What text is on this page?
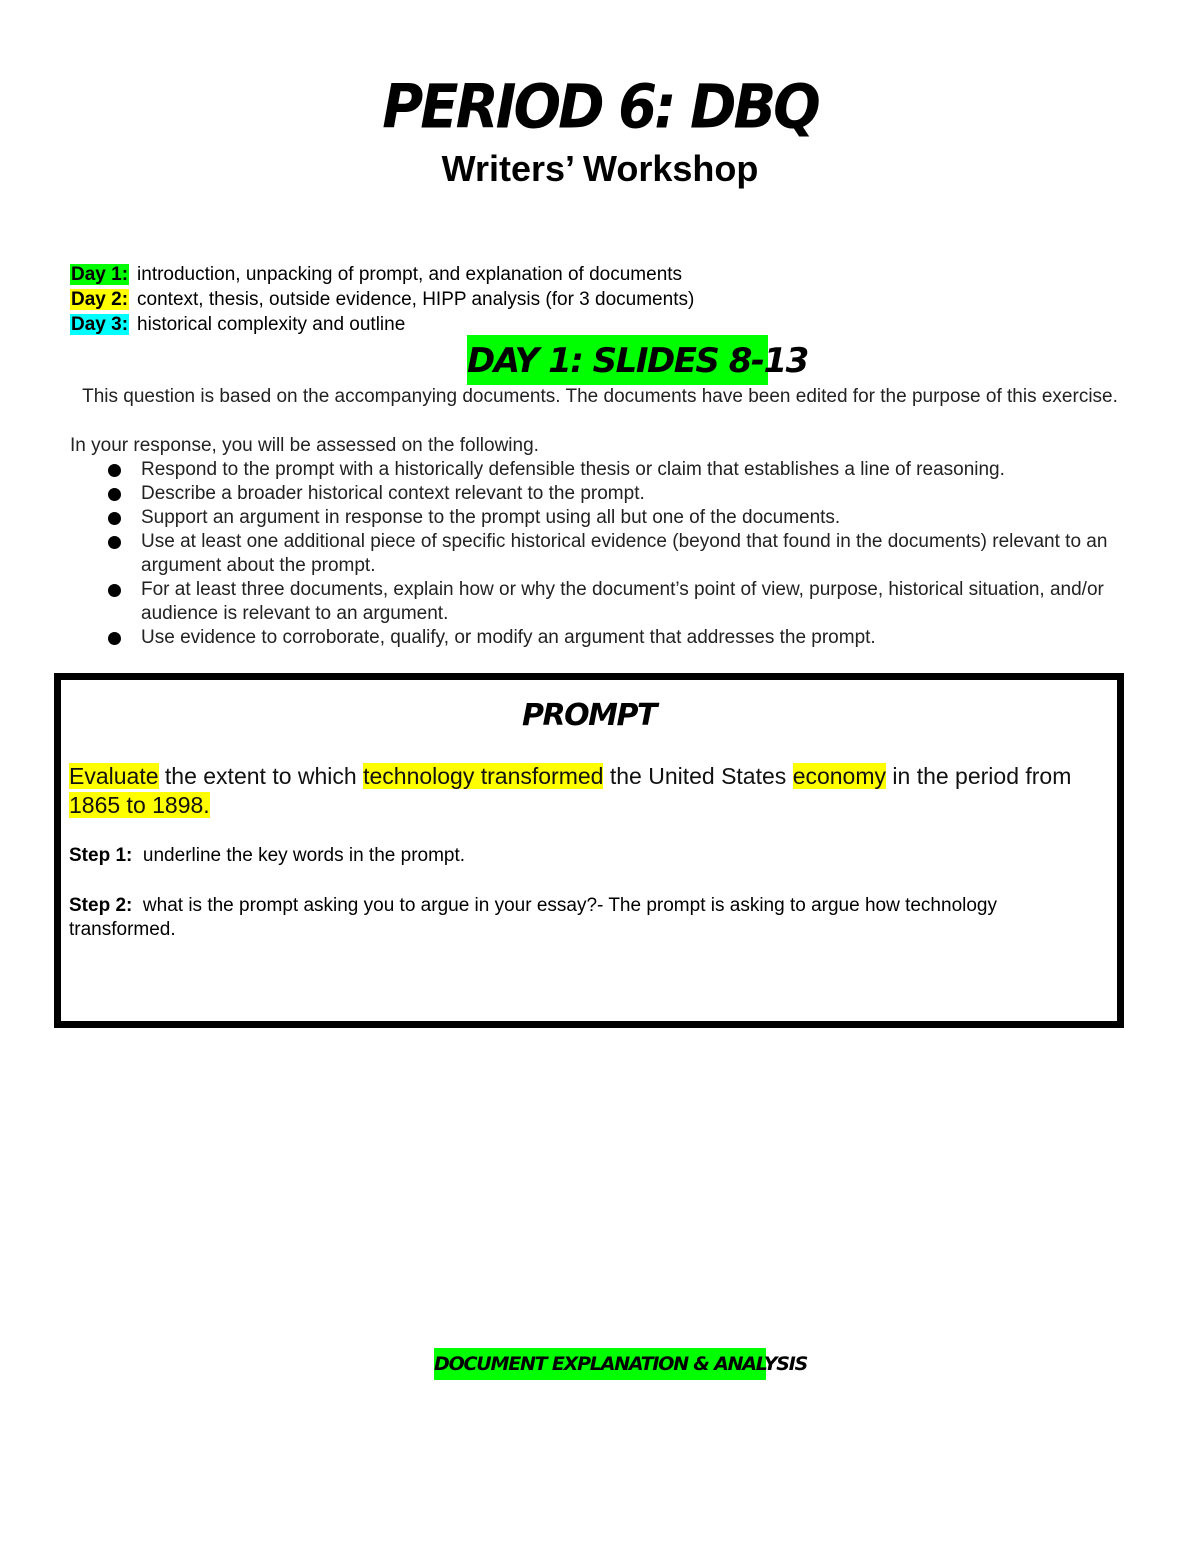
PERIOD 6: DBQ
Writers’ Workshop
Day 1: introduction, unpacking of prompt, and explanation of documents
Day 2: context, thesis, outside evidence, HIPP analysis (for 3 documents)
Day 3: historical complexity and outline
DAY 1: SLIDES 8-13
This question is based on the accompanying documents. The documents have been edited for the purpose of this exercise.
In your response, you will be assessed on the following.
Respond to the prompt with a historically defensible thesis or claim that establishes a line of reasoning.
Describe a broader historical context relevant to the prompt.
Support an argument in response to the prompt using all but one of the documents.
Use at least one additional piece of specific historical evidence (beyond that found in the documents) relevant to an argument about the prompt.
For at least three documents, explain how or why the document’s point of view, purpose, historical situation, and/or audience is relevant to an argument.
Use evidence to corroborate, qualify, or modify an argument that addresses the prompt.
PROMPT
Evaluate the extent to which technology transformed the United States economy in the period from 1865 to 1898.
Step 1: underline the key words in the prompt.
Step 2: what is the prompt asking you to argue in your essay?- The prompt is asking to argue how technology transformed.
DOCUMENT EXPLANATION & ANALYSIS
